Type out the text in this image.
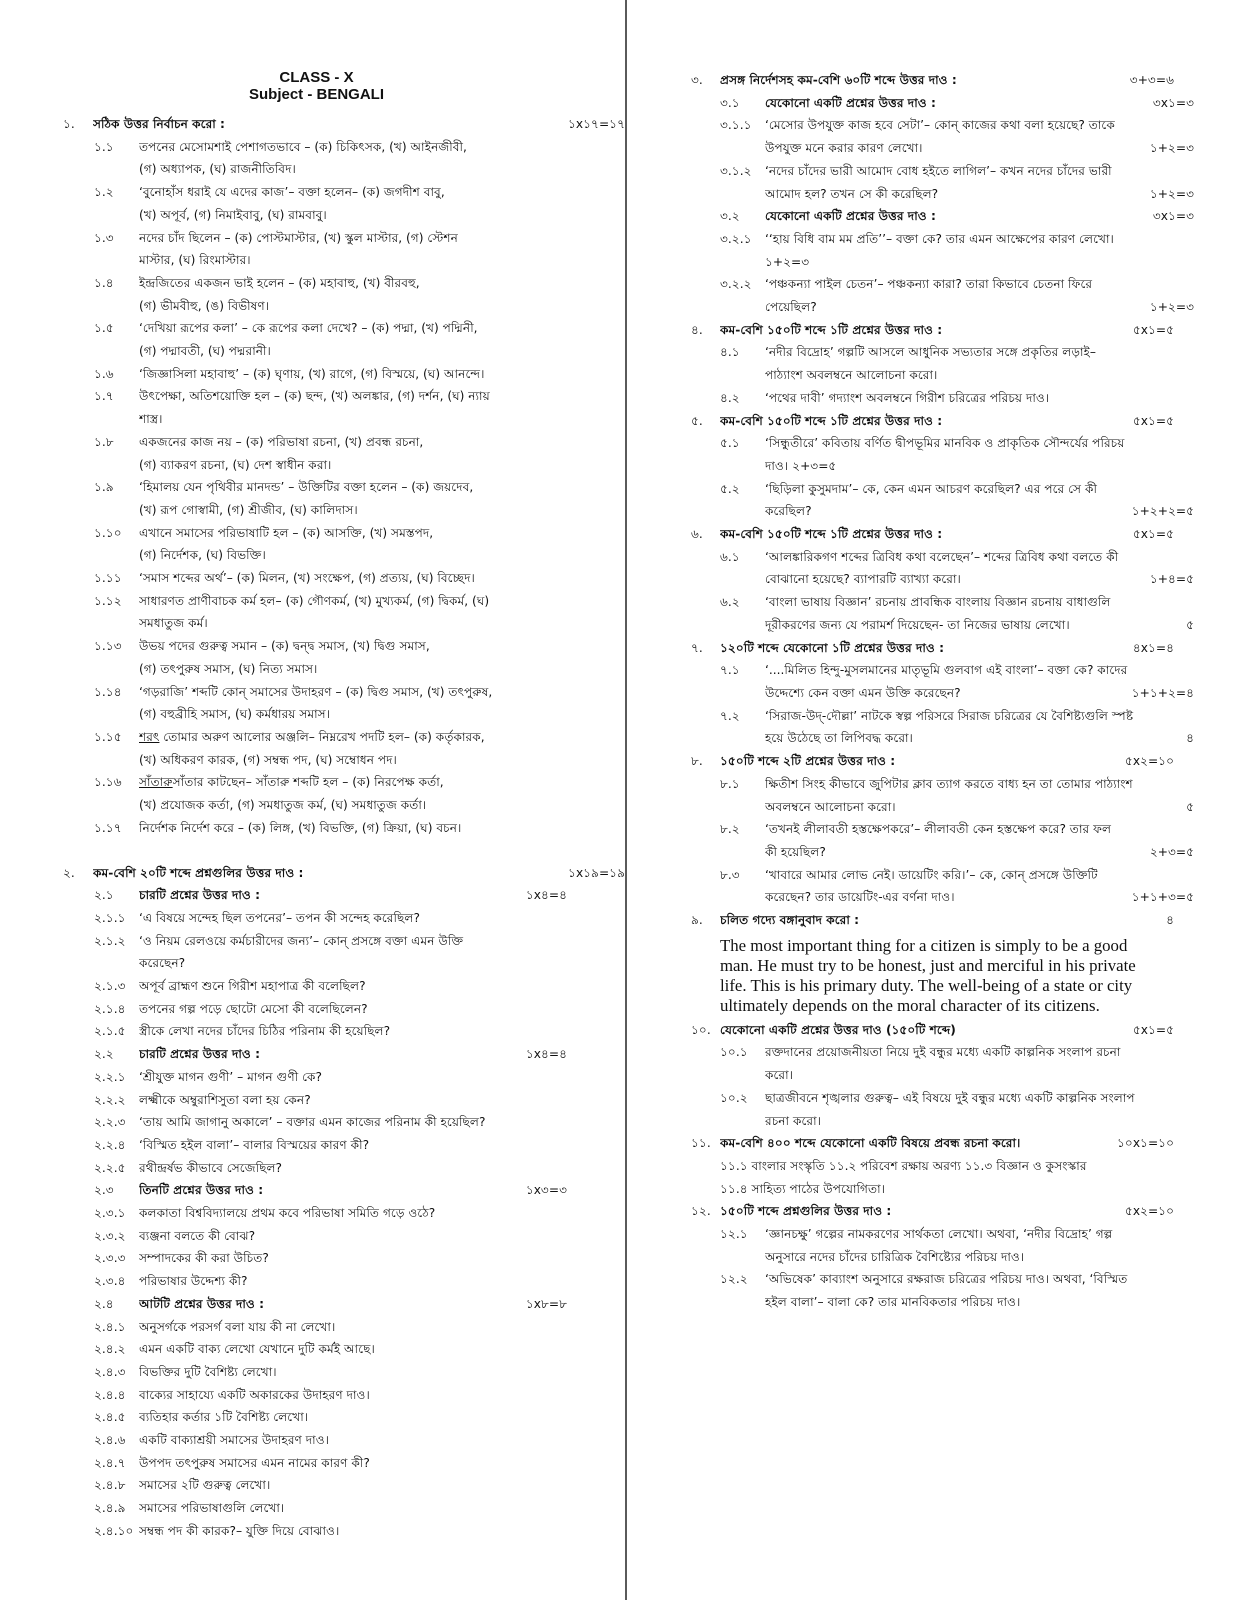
CLASS - X
Subject - BENGALI
১.	সঠিক উত্তর নির্বাচন করো :	১x১৭=১৭
১.১	তপনের মেসোমশাই পেশাগতভাবে – (ক) চিকিৎসক, (খ) আইনজীবী,
(গ) অধ্যাপক, (ঘ) রাজনীতিবিদ।
১.২	‘বুনোহাঁস ধরাই যে এদের কাজ’– বক্তা হলেন– (ক) জগদীশ বাবু,
(খ) অপূর্ব, (গ) নিমাইবাবু, (ঘ) রামবাবু।
১.৩	নদের চাঁদ ছিলেন – (ক) পোস্টমাস্টার, (খ) স্কুল মাস্টার, (গ) স্টেশন
মাস্টার, (ঘ) রিংমাস্টার।
১.৪	ইন্দ্রজিতের একজন ভাই হলেন – (ক) মহাবাহু, (খ) বীরবহু,
(গ) ভীমবীহু, (ঙ) বিভীষণ।
১.৫	‘দেখিয়া রূপের কলা’ – কে রূপের কলা দেখে? – (ক) পদ্মা, (খ) পদ্মিনী,
(গ) পদ্মাবতী, (ঘ) পদ্মরানী।
১.৬	‘জিজ্ঞাসিলা মহাবাহু’ – (ক) ঘৃণায়, (খ) রাগে, (গ) বিস্ময়ে, (ঘ) আনন্দে।
১.৭	উৎপেক্ষা, অতিশয়োক্তি হল – (ক) ছন্দ, (খ) অলঙ্কার, (গ) দর্শন, (ঘ) ন্যায়
শাস্ত্র।
১.৮	একজনের কাজ নয় – (ক) পরিভাষা রচনা, (খ) প্রবন্ধ রচনা,
(গ) ব্যাকরণ রচনা, (ঘ) দেশ স্বাধীন করা।
১.৯	‘হিমালয় যেন পৃথিবীর মানদন্ড’ – উক্তিটির বক্তা হলেন – (ক) জয়দেব,
(খ) রূপ গোস্বামী, (গ) শ্রীজীব, (ঘ) কালিদাস।
১.১০	এখানে সমাসের পরিভাষাটি হল – (ক) আসক্তি, (খ) সমস্তপদ,
(গ) নির্দেশক, (ঘ) বিভক্তি।
১.১১	‘সমাস শব্দের অর্থ’– (ক) মিলন, (খ) সংক্ষেপ, (গ) প্রত্যয়, (ঘ) বিচ্ছেদ।
১.১২	সাধারণত প্রাণীবাচক কর্ম হল– (ক) গৌণকর্ম, (খ) মুখ্যকর্ম, (গ) দ্বিকর্ম, (ঘ)
সমধাতুজ কর্ম।
১.১৩	উভয় পদের গুরুত্ব সমান – (ক) দ্বন্দ্ব সমাস, (খ) দ্বিগু সমাস,
(গ) তৎপুরুষ সমাস, (ঘ) নিত্য সমাস।
১.১৪	‘গড়রাজি’ শব্দটি কোন্‌ সমাসের উদাহরণ – (ক) দ্বিগু সমাস, (খ) তৎপুরুষ,
(গ) বহুব্রীহি সমাস, (ঘ) কর্মধারয় সমাস।
১.১৫	শরৎ তোমার অরুণ আলোর অঞ্জলি– নিম্নরেখ পদটি হল– (ক) কর্তৃকারক,
(খ) অধিকরণ কারক, (গ) সম্বন্ধ পদ, (ঘ) সম্বোধন পদ।
১.১৬	সাঁতারুসাঁতার কাটছেন– সাঁতারু শব্দটি হল – (ক) নিরপেক্ষ কর্তা,
(খ) প্রযোজক কর্তা, (গ) সমধাতুজ কর্ম, (ঘ) সমধাতুজ কর্তা।
১.১৭	নির্দেশক নির্দেশ করে – (ক) লিঙ্গ, (খ) বিভক্তি, (গ) ক্রিয়া, (ঘ) বচন।
২.	কম-বেশি ২০টি শব্দে প্রশ্নগুলির উত্তর দাও :	১x১৯=১৯
২.১	চারটি প্রশ্নের উত্তর দাও :	১x৪=৪
২.১.১	‘এ বিষয়ে সন্দেহ ছিল তপনের’– তপন কী সন্দেহ করেছিল?
২.১.২	‘ও নিয়ম রেলওয়ে কর্মচারীদের জন্য’– কোন্‌ প্রসঙ্গে বক্তা এমন উক্তি
করেছেন?
২.১.৩	অপূর্ব ব্রাহ্মণ শুনে গিরীশ মহাপাত্র কী বলেছিল?
২.১.৪	তপনের গল্প পড়ে ছোটো মেসো কী বলেছিলেন?
২.১.৫	স্ত্রীকে লেখা নদের চাঁদের চিঠির পরিনাম কী হয়েছিল?
২.২	চারটি প্রশ্নের উত্তর দাও :	১x৪=৪
২.২.১	‘শ্রীযুক্ত মাগন গুণী’ – মাগন গুণী কে?
২.২.২	লক্ষ্মীকে অম্বুরাশিসুতা বলা হয় কেন?
২.২.৩	‘তায় আমি জাগানু অকালে’ – বক্তার এমন কাজের পরিনাম কী হয়েছিল?
২.২.৪	‘বিস্মিত হইল বালা’– বালার বিস্ময়ের কারণ কী?
২.২.৫	রথীন্দ্রর্ষভ কীভাবে সেজেছিল?
২.৩	তিনটি প্রশ্নের উত্তর দাও :	১x৩=৩
২.৩.১	কলকাতা বিশ্ববিদ্যালয়ে প্রথম কবে পরিভাষা সমিতি গড়ে ওঠে?
২.৩.২	ব্যঞ্জনা বলতে কী বোঝ?
২.৩.৩	সম্পাদকের কী করা উচিত?
২.৩.৪	পরিভাষার উদ্দেশ্য কী?
২.৪	আটটি প্রশ্নের উত্তর দাও :	১x৮=৮
২.৪.১	অনুসর্গকে পরসর্গ বলা যায় কী না লেখো।
২.৪.২	এমন একটি বাক্য লেখো যেখানে দুটি কর্মই আছে।
২.৪.৩	বিভক্তির দুটি বৈশিষ্ট্য লেখো।
২.৪.৪	বাক্যের সাহায্যে একটি অকারকের উদাহরণ দাও।
২.৪.৫	ব্যতিহার কর্তার ১টি বৈশিষ্ট্য লেখো।
২.৪.৬	একটি বাক্যাশ্রয়ী সমাসের উদাহরণ দাও।
২.৪.৭	উপপদ তৎপুরুষ সমাসের এমন নামের কারণ কী?
২.৪.৮	সমাসের ২টি গুরুত্ব লেখো।
২.৪.৯	সমাসের পরিভাষাগুলি লেখো।
২.৪.১০ সম্বন্ধ পদ কী কারক?– যুক্তি দিয়ে বোঝাও।
৩.	প্রসঙ্গ নির্দেশসহ কম-বেশি ৬০টি শব্দে উত্তর দাও :	৩+৩=৬
৩.১	যেকোনো একটি প্রশ্নের উত্তর দাও :	৩x১=৩
৩.১.১	‘মেসোর উপযুক্ত কাজ হবে সেটা’– কোন্‌ কাজের কথা বলা হয়েছে? তাকে
উপযুক্ত মনে করার কারণ লেখো।	১+২=৩
৩.১.২	‘নদের চাঁদের ভারী আমোদ বোধ হইতে লাগিল’– কখন নদের চাঁদের ভারী
আমোদ হল? তখন সে কী করেছিল?	১+২=৩
৩.২	যেকোনো একটি প্রশ্নের উত্তর দাও :	৩x১=৩
৩.২.১	‘‘হায় বিধি বাম মম প্রতি’’– বক্তা কে? তার এমন আক্ষেপের কারণ লেখো।
১+২=৩
৩.২.২	‘পঞ্চকন্যা পাইল চেতন’– পঞ্চকন্যা কারা? তারা কিভাবে চেতনা ফিরে
পেয়েছিল?	১+২=৩
৪.	কম-বেশি ১৫০টি শব্দে ১টি প্রশ্নের উত্তর দাও :	৫x১=৫
৪.১	‘নদীর বিদ্রোহ’ গল্পটি আসলে আধুনিক সভ্যতার সঙ্গে প্রকৃতির লড়াই–
পাঠ্যাংশ অবলম্বনে আলোচনা করো।
৪.২	‘পথের দাবী’ গদ্যাংশ অবলম্বনে গিরীশ চরিত্রের পরিচয় দাও।
৫.	কম-বেশি ১৫০টি শব্দে ১টি প্রশ্নের উত্তর দাও :	৫x১=৫
৫.১	‘সিন্ধুতীরে’ কবিতায় বর্ণিত দ্বীপভূমির মানবিক ও প্রাকৃতিক সৌন্দর্যের পরিচয়
দাও। ২+৩=৫
৫.২	‘ছিড়িলা কুসুমদাম’– কে, কেন এমন আচরণ করেছিল? এর পরে সে কী
করেছিল?	১+২+২=৫
৬.	কম-বেশি ১৫০টি শব্দে ১টি প্রশ্নের উত্তর দাও :	৫x১=৫
৬.১	‘আলঙ্কারিকগণ শব্দের ত্রিবিধ কথা বলেছেন’– শব্দের ত্রিবিধ কথা বলতে কী
বোঝানো হয়েছে? ব্যাপারটি ব্যাখ্যা করো।	১+৪=৫
৬.২	‘বাংলা ভাষায় বিজ্ঞান’ রচনায় প্রাবন্ধিক বাংলায় বিজ্ঞান রচনায় বাধাগুলি
দূরীকরণের জন্য যে পরামর্শ দিয়েছেন- তা নিজের ভাষায় লেখো।	৫
৭.	১২০টি শব্দে যেকোনো ১টি প্রশ্নের উত্তর দাও :	৪x১=৪
৭.১	‘....মিলিত হিন্দু-মুসলমানের মাতৃভূমি গুলবাগ এই বাংলা’– বক্তা কে? কাদের
উদ্দেশ্যে কেন বক্তা এমন উক্তি করেছেন?	১+১+২=৪
৭.২	‘সিরাজ-উদ্-দৌল্লা’ নাটকে স্বল্প পরিসরে সিরাজ চরিত্রের যে বৈশিষ্ট্যগুলি স্পষ্ট
হয়ে উঠেছে তা লিপিবদ্ধ করো।	৪
৮.	১৫০টি শব্দে ২টি প্রশ্নের উত্তর দাও :	৫x২=১০
৮.১	ক্ষিতীশ সিংহ কীভাবে জুপিটার ক্লাব ত্যাগ করতে বাধ্য হন তা তোমার পাঠ্যাংশ
অবলম্বনে আলোচনা করো।	৫
৮.২	‘তখনই লীলাবতী হস্তক্ষেপকরে’– লীলাবতী কেন হস্তক্ষেপ করে? তার ফল
কী হয়েছিল?	২+৩=৫
৮.৩	‘খাবারে আমার লোভ নেই। ডায়েটিং করি।’– কে, কোন্‌ প্রসঙ্গে উক্তিটি
করেছেন? তার ডায়েটিং-এর বর্ণনা দাও।	১+১+৩=৫
৯.	চলিত গদ্যে বঙ্গানুবাদ করো :	৪
The most important thing for a citizen is simply to be a good
man. He must try to be honest, just and merciful in his private
life. This is his primary duty. The well-being of a state or city
ultimately depends on the moral character of its citizens.
১০. যেকোনো একটি প্রশ্নের উত্তর দাও (১৫০টি শব্দে)	৫x১=৫
১০.১	রক্তদানের প্রয়োজনীয়তা নিয়ে দুই বন্ধুর মধ্যে একটি কাল্পনিক সংলাপ রচনা
করো।
১০.২	ছাত্রজীবনে শৃঙ্খলার গুরুত্ব– এই বিষয়ে দুই বন্ধুর মধ্যে একটি কাল্পনিক সংলাপ
রচনা করো।
১১. কম-বেশি ৪০০ শব্দে যেকোনো একটি বিষয়ে প্রবন্ধ রচনা করো।	১০x১=১০
১১.১ বাংলার সংস্কৃতি ১১.২ পরিবেশ রক্ষায় অরণ্য ১১.৩ বিজ্ঞান ও কুসংস্কার
১১.৪ সাহিত্য পাঠের উপযোগিতা।
১২. ১৫০টি শব্দে প্রশ্নগুলির উত্তর দাও :	৫x২=১০
১২.১	‘জ্ঞানচক্ষু’ গল্পের নামকরণের সার্থকতা লেখো। অথবা, ‘নদীর বিদ্রোহ’ গল্প
অনুসারে নদের চাঁদের চারিত্রিক বৈশিষ্ট্যের পরিচয় দাও।
১২.২	‘অভিষেক’ কাব্যাংশ অনুসারে রক্ষরাজ চরিত্রের পরিচয় দাও। অথবা, ‘বিস্মিত
হইল বালা’– বালা কে? তার মানবিকতার পরিচয় দাও।
